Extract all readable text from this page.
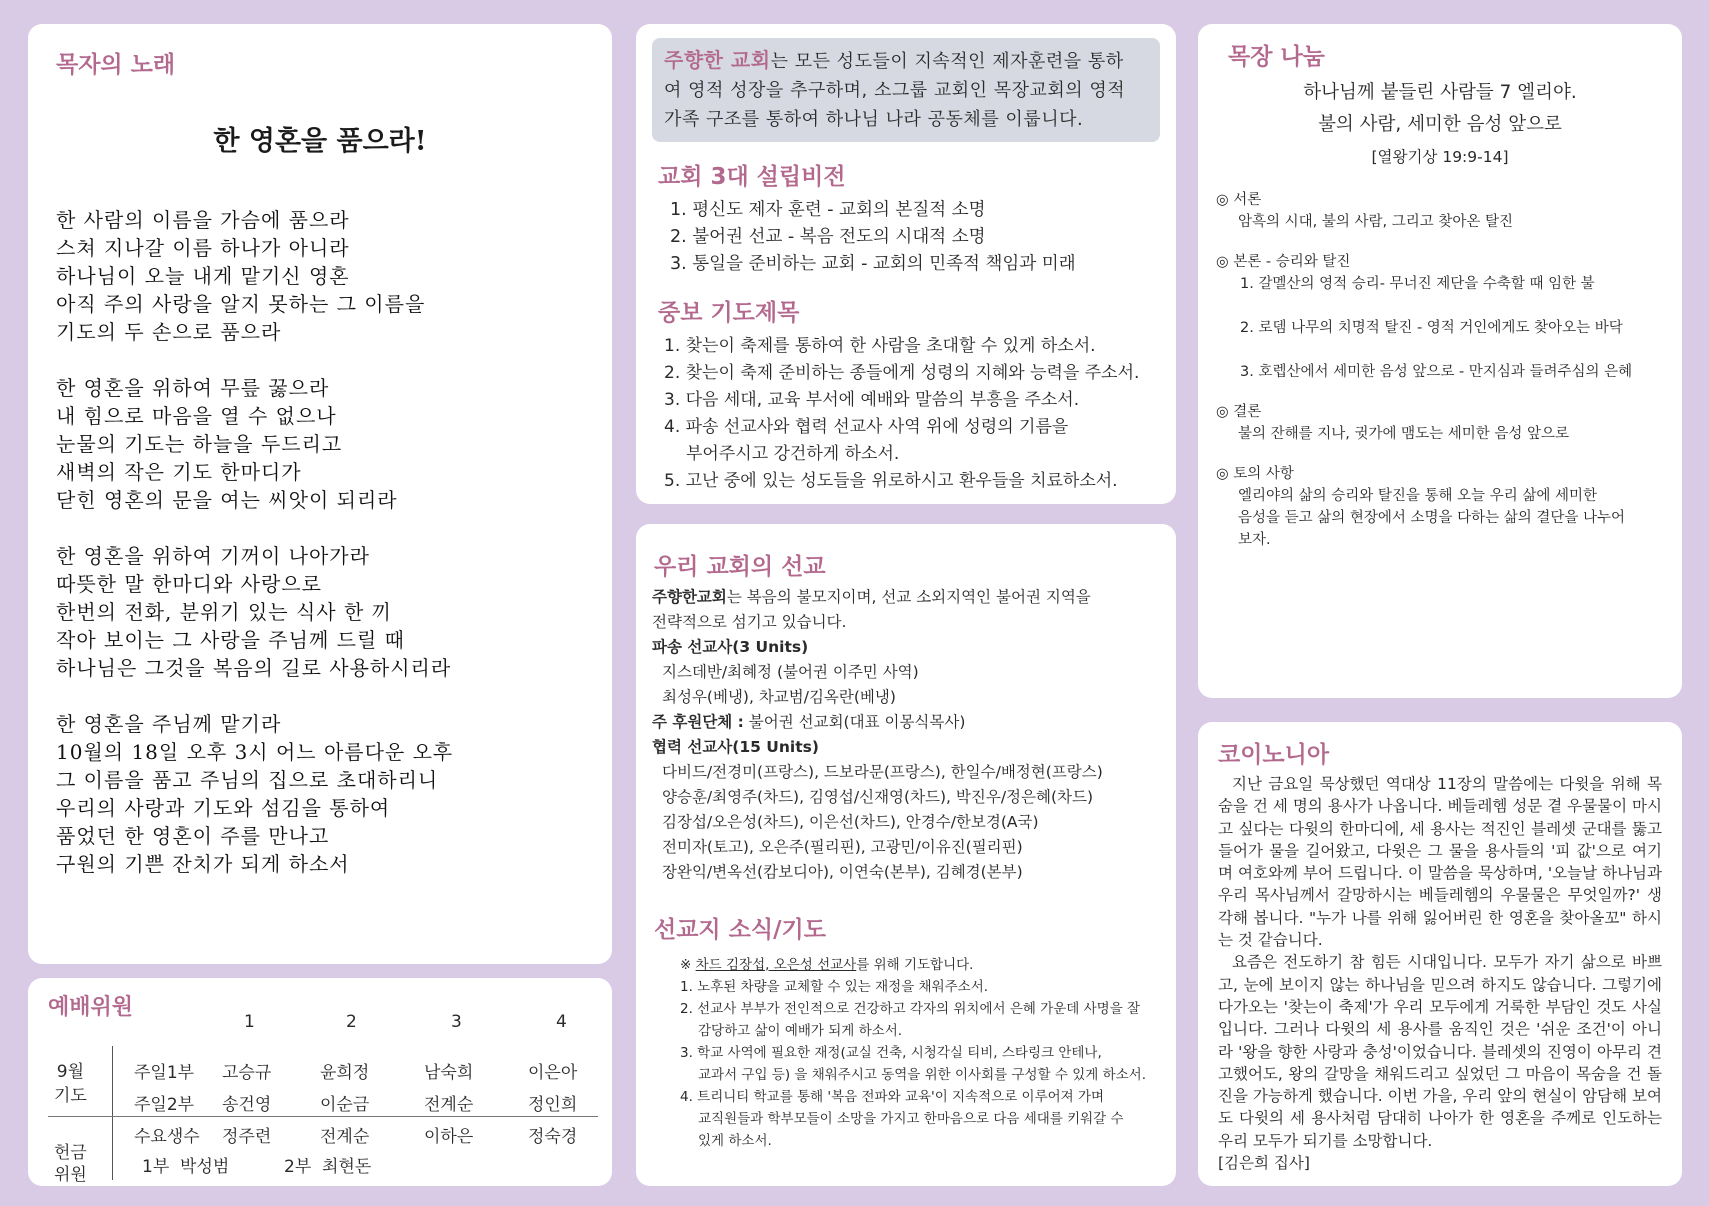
목자의 노래
한 영혼을 품으라!
한 사람의 이름을 가슴에 품으라
스쳐 지나갈 이름 하나가 아니라
하나님이 오늘 내게 맡기신 영혼
아직 주의 사랑을 알지 못하는 그 이름을
기도의 두 손으로 품으라
한 영혼을 위하여 무릎 꿇으라
내 힘으로 마음을 열 수 없으나
눈물의 기도는 하늘을 두드리고
새벽의 작은 기도 한마디가
닫힌 영혼의 문을 여는 씨앗이 되리라
한 영혼을 위하여 기꺼이 나아가라
따뜻한 말 한마디와 사랑으로
한번의 전화, 분위기 있는 식사 한 끼
작아 보이는 그 사랑을 주님께 드릴 때
하나님은 그것을 복음의 길로 사용하시리라
한 영혼을 주님께 맡기라
10월의 18일 오후 3시 어느 아름다운 오후
그 이름을 품고 주님의 집으로 초대하리니
우리의 사랑과 기도와 섬김을 통하여
품었던 한 영혼이 주를 만나고
구원의 기쁜 잔치가 되게 하소서
예배위원
1	2	3	4
9월
기도
주일1부 고승규	윤희정	남숙희	이은아
주일2부 송건영	이순금	전계순	정인희
수요생수 정주련	전계순	이하은	정숙경
헌금
위원	1부  박성범	2부  최현돈
주향한 교회는 모든 성도들이 지속적인 제자훈련을 통하
여 영적 성장을 추구하며, 소그룹 교회인 목장교회의 영적
가족 구조를 통하여 하나님 나라 공동체를 이룹니다.
교회 3대 설립비전
1. 평신도 제자 훈련 - 교회의 본질적 소명
2. 불어권 선교 - 복음 전도의 시대적 소명
3. 통일을 준비하는 교회 - 교회의 민족적 책임과 미래
중보 기도제목
1. 찾는이 축제를 통하여 한 사람을 초대할 수 있게 하소서.
2. 찾는이 축제 준비하는 종들에게 성령의 지혜와 능력을 주소서.
3. 다음 세대, 교육 부서에 예배와 말씀의 부흥을 주소서.
4. 파송 선교사와 협력 선교사 사역 위에 성령의 기름을
부어주시고 강건하게 하소서.
5. 고난 중에 있는 성도들을 위로하시고 환우들을 치료하소서.
우리 교회의 선교
주향한교회는 복음의 불모지이며, 선교 소외지역인 불어권 지역을
전략적으로 섬기고 있습니다.
파송 선교사(3 Units)
지스데반/최혜정 (불어권 이주민 사역)
최성우(베냉), 차교범/김옥란(베냉)
주 후원단체 : 불어권 선교회(대표 이몽식목사)
협력 선교사(15 Units)
다비드/전경미(프랑스), 드보라문(프랑스), 한일수/배정현(프랑스)
양승훈/최영주(차드), 김영섭/신재영(차드), 박진우/정은혜(차드)
김장섭/오은성(차드), 이은선(차드), 안경수/한보경(A국)
전미자(토고), 오은주(필리핀), 고광민/이유진(필리핀)
장완익/변옥선(캄보디아), 이연숙(본부), 김혜경(본부)
선교지 소식/기도
※ 차드 김장섭, 오은성 선교사를 위해 기도합니다.
1. 노후된 차량을 교체할 수 있는 재정을 채워주소서.
2. 선교사 부부가 전인적으로 건강하고 각자의 위치에서 은혜 가운데 사명을 잘
감당하고 삶이 예배가 되게 하소서.
3. 학교 사역에 필요한 재정(교실 건축, 시청각실 티비, 스타링크 안테나,
교과서 구입 등) 을 채워주시고 동역을 위한 이사회를 구성할 수 있게 하소서.
4. 트리니티 학교를 통해 '복음 전파와 교육'이 지속적으로 이루어져 가며
교직원들과 학부모들이 소망을 가지고 한마음으로 다음 세대를 키워갈 수
있게 하소서.
목장 나눔
하나님께 붙들린 사람들 7 엘리야.
불의 사람, 세미한 음성 앞으로
[열왕기상 19:9-14]
◎ 서론
암흑의 시대, 불의 사람, 그리고 찾아온 탈진
◎ 본론 - 승리와 탈진
1. 갈멜산의 영적 승리- 무너진 제단을 수축할 때 임한 불
2. 로뎀 나무의 치명적 탈진 - 영적 거인에게도 찾아오는 바닥
3. 호렙산에서 세미한 음성 앞으로 - 만지심과 들려주심의 은혜
◎ 결론
불의 잔해를 지나, 귓가에 맴도는 세미한 음성 앞으로
◎ 토의 사항
엘리야의 삶의 승리와 탈진을 통해 오늘 우리 삶에 세미한
음성을 듣고 삶의 현장에서 소명을 다하는 삶의 결단을 나누어
보자.
코이노니아

지난 금요일 묵상했던 역대상 11장의 말씀에는 다윗을 위해 목숨을 건 세 명의 용사가 나옵니다. 베들레헴 성문 곁 우물물이 마시고 싶다는 다윗의 한마디에, 세 용사는 적진인 블레셋 군대를 뚫고 들어가 물을 길어왔고, 다윗은 그 물을 용사들의 '피 값'으로 여기며 여호와께 부어 드립니다. 이 말씀을 묵상하며, '오늘날 하나님과 우리 목사님께서 갈망하시는 베들레헴의 우물물은 무엇일까?' 생각해 봅니다. "누가 나를 위해 잃어버린 한 영혼을 찾아올꼬" 하시는 것 같습니다.

요즘은 전도하기 참 힘든 시대입니다. 모두가 자기 삶으로 바쁘고, 눈에 보이지 않는 하나님을 믿으려 하지도 않습니다. 그렇기에 다가오는 '찾는이 축제'가 우리 모두에게 거룩한 부담인 것도 사실입니다. 그러나 다윗의 세 용사를 움직인 것은 '쉬운 조건'이 아니라 '왕을 향한 사랑과 충성'이었습니다. 블레셋의 진영이 아무리 견고했어도, 왕의 갈망을 채워드리고 싶었던 그 마음이 목숨을 건 돌진을 가능하게 했습니다. 이번 가을, 우리 앞의 현실이 암담해 보여도 다윗의 세 용사처럼 담대히 나아가 한 영혼을 주께로 인도하는 우리 모두가 되기를 소망합니다.

[김은희 집사]
